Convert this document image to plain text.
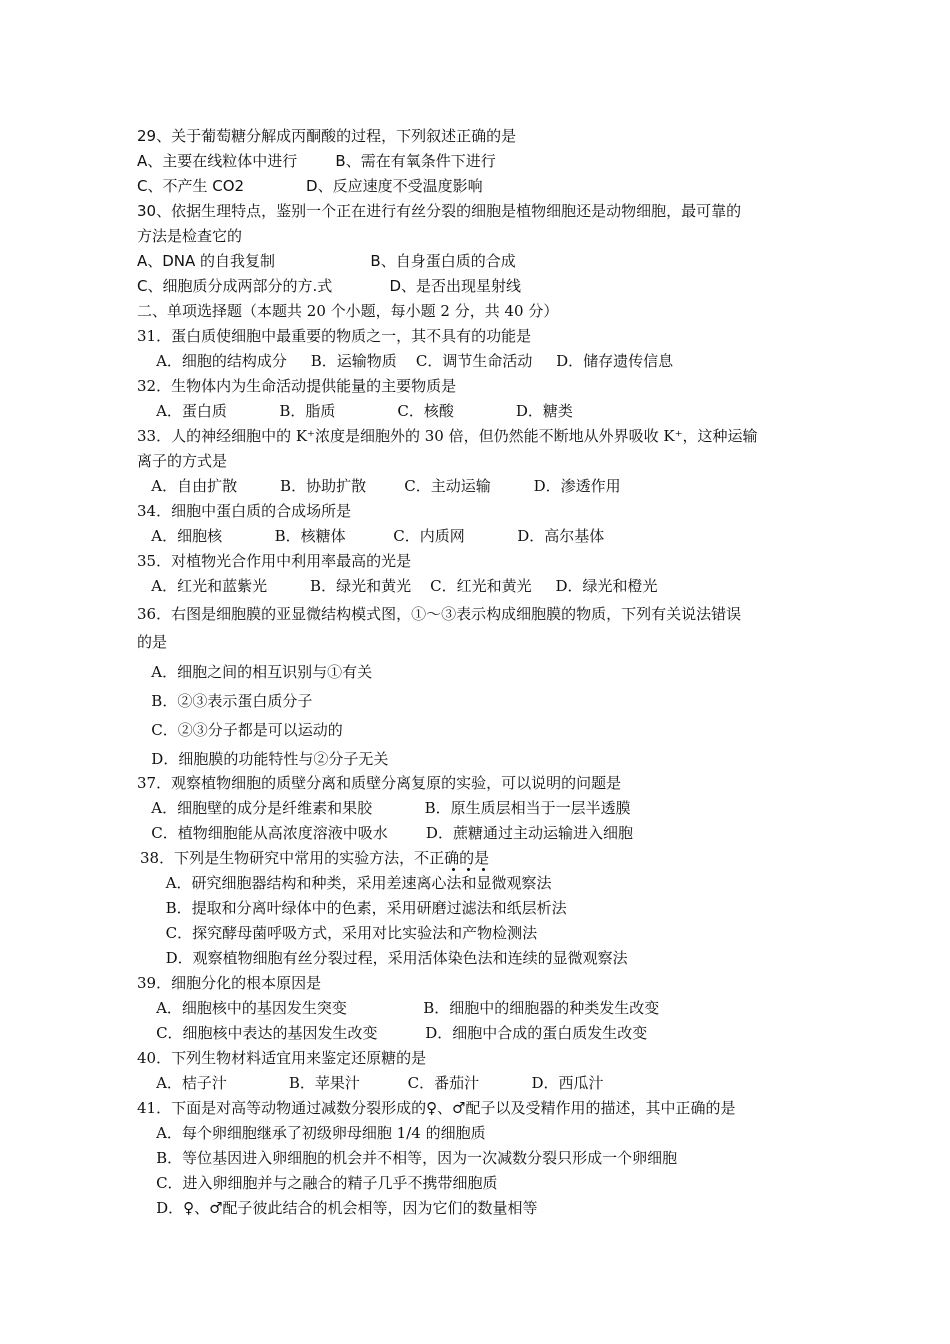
29、关于葡萄糖分解成丙酮酸的过程，下列叙述正确的是
A、主要在线粒体中进行        B、需在有氧条件下进行
C、不产生 CO2             D、反应速度不受温度影响
30、依据生理特点，鉴别一个正在进行有丝分裂的细胞是植物细胞还是动物细胞，最可靠的
方法是检查它的
A、DNA 的自我复制                    B、自身蛋白质的合成
C、细胞质分成两部分的方.式            D、是否出现星射线
二、单项选择题（本题共 20 个小题，每小题 2 分，共 40 分）
31．蛋白质使细胞中最重要的物质之一，其不具有的功能是
A．细胞的结构成分     B．运输物质    C．调节生命活动     D．储存遗传信息
32．生物体内为生命活动提供能量的主要物质是
A．蛋白质           B．脂质             C．核酸             D．糖类
33．人的神经细胞中的 K⁺浓度是细胞外的 30 倍，但仍然能不断地从外界吸收 K⁺，这种运输
离子的方式是
A．自由扩散         B．协助扩散        C．主动运输         D．渗透作用
34．细胞中蛋白质的合成场所是
A．细胞核           B．核糖体          C．内质网           D．高尔基体
35．对植物光合作用中利用率最高的光是
A．红光和蓝紫光         B．绿光和黄光    C．红光和黄光     D．绿光和橙光
36．右图是细胞膜的亚显微结构模式图，①～③表示构成细胞膜的物质，下列有关说法错误
的是
A．细胞之间的相互识别与①有关
B．②③表示蛋白质分子
C．②③分子都是可以运动的
D．细胞膜的功能特性与②分子无关
37．观察植物细胞的质壁分离和质壁分离复原的实验，可以说明的问题是
A．细胞壁的成分是纤维素和果胶           B．原生质层相当于一层半透膜
C．植物细胞能从高浓度溶液中吸水        D．蔗糖通过主动运输进入细胞
38．下列是生物研究中常用的实验方法，不正确的是
A．研究细胞器结构和种类，采用差速离心法和显微观察法
B．提取和分离叶绿体中的色素，采用研磨过滤法和纸层析法
C．探究酵母菌呼吸方式，采用对比实验法和产物检测法
D．观察植物细胞有丝分裂过程，采用活体染色法和连续的显微观察法
39．细胞分化的根本原因是
A．细胞核中的基因发生突变                B．细胞中的细胞器的种类发生改变
C．细胞核中表达的基因发生改变          D．细胞中合成的蛋白质发生改变
40．下列生物材料适宜用来鉴定还原糖的是
A．桔子汁             B．苹果汁          C．番茄汁           D．西瓜汁
41．下面是对高等动物通过减数分裂形成的♀、♂配子以及受精作用的描述，其中正确的是
A．每个卵细胞继承了初级卵母细胞 1/4 的细胞质
B．等位基因进入卵细胞的机会并不相等，因为一次减数分裂只形成一个卵细胞
C．进入卵细胞并与之融合的精子几乎不携带细胞质
D．♀、♂配子彼此结合的机会相等，因为它们的数量相等
